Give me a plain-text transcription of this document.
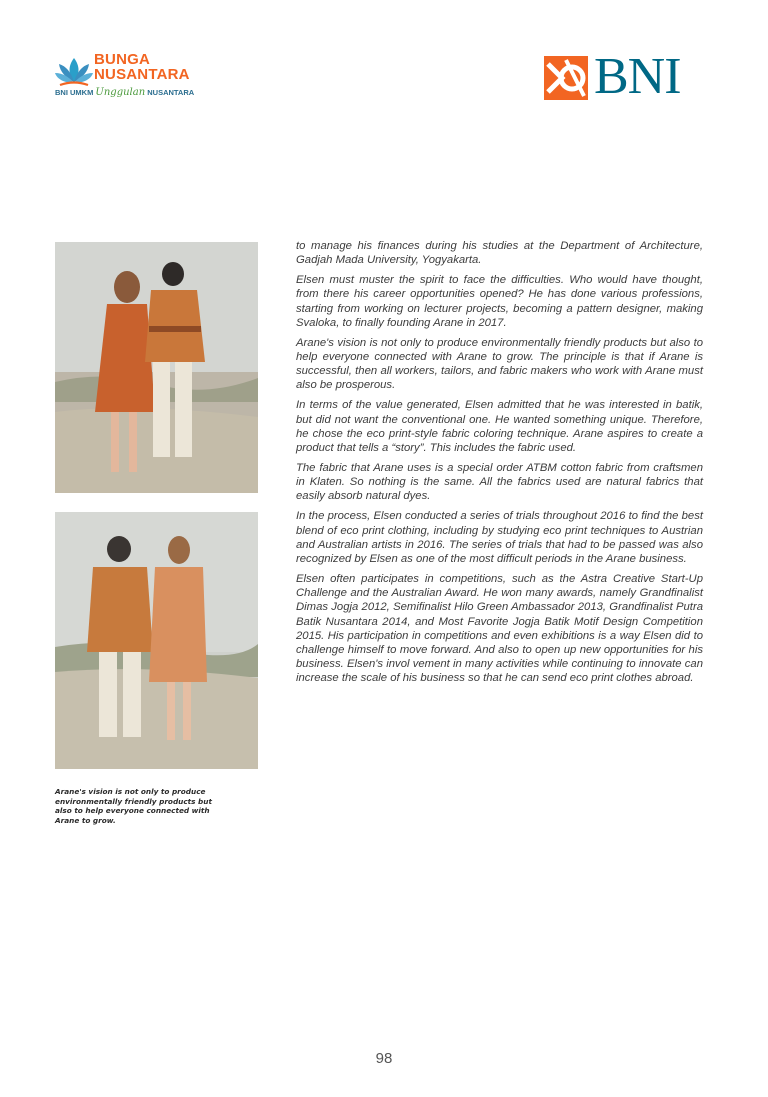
BUNGA
NUSANTARA
BNI UMKM Unggulan NUSANTARA	BNI
Arane's vision is not only to produce environmentally friendly products but also to help everyone connected with Arane to grow.

to manage his finances during his studies at the Department of Architecture, Gadjah Mada University, Yogyakarta.

Elsen must muster the spirit to face the difficulties. Who would have thought, from there his career opportunities opened? He has done various professions, starting from working on lecturer projects, becoming a pattern designer, making Svaloka, to finally founding Arane in 2017.

Arane's vision is not only to produce environmentally friendly products but also to help everyone connected with Arane to grow. The principle is that if Arane is successful, then all workers, tailors, and fabric makers who work with Arane must also be prosperous.

In terms of the value generated, Elsen admitted that he was interested in batik, but did not want the conventional one. He wanted something unique. Therefore, he chose the eco print-style fabric coloring technique. Arane aspires to create a product that tells a “story”. This includes the fabric used.

The fabric that Arane uses is a special order ATBM cotton fabric from craftsmen in Klaten. So nothing is the same. All the fabrics used are natural fabrics that easily absorb natural dyes.

In the process, Elsen conducted a series of trials throughout 2016 to find the best blend of eco print clothing, including by studying eco print techniques to Austrian and Australian artists in 2016. The series of trials that had to be passed was also recognized by Elsen as one of the most difficult periods in the Arane business.

Elsen often participates in competitions, such as the Astra Creative Start-Up Challenge and the Australian Award. He won many awards, namely Grandfinalist Dimas Jogja 2012, Semifinalist Hilo Green Ambassador 2013, Grandfinalist Putra Batik Nusantara 2014, and Most Favorite Jogja Batik Motif Design Competition 2015. His participation in competitions and even exhibitions is a way Elsen did to challenge himself to move forward. And also to open up new opportunities for his business. Elsen's invol vement in many activities while continuing to innovate can increase the scale of his business so that he can send eco print clothes abroad.

98
